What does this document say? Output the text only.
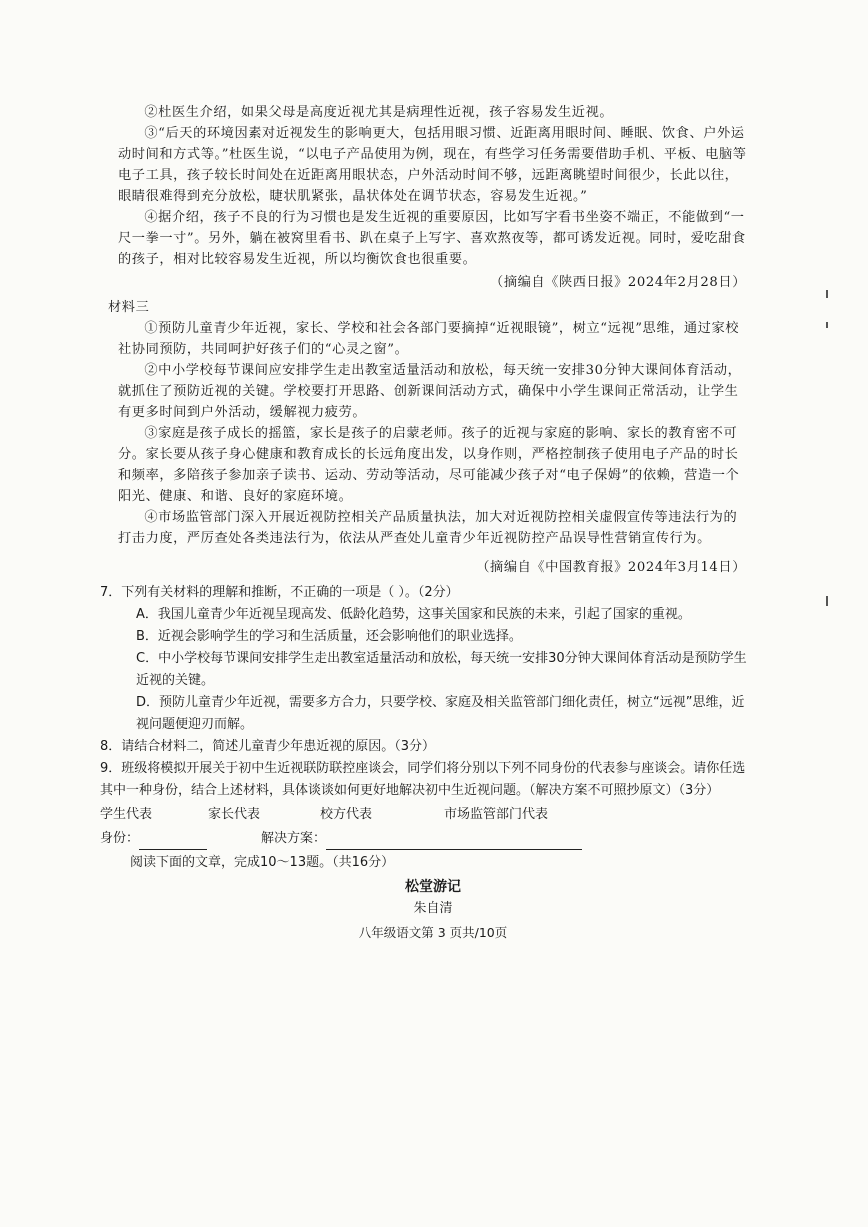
②杜医生介绍，如果父母是高度近视尤其是病理性近视，孩子容易发生近视。

③“后天的环境因素对近视发生的影响更大，包括用眼习惯、近距离用眼时间、睡眠、饮食、户外运动时间和方式等。”杜医生说，“以电子产品使用为例，现在，有些学习任务需要借助手机、平板、电脑等电子工具，孩子较长时间处在近距离用眼状态，户外活动时间不够，远距离眺望时间很少，长此以往，眼睛很难得到充分放松，睫状肌紧张，晶状体处在调节状态，容易发生近视。”

④据介绍，孩子不良的行为习惯也是发生近视的重要原因，比如写字看书坐姿不端正，不能做到“一尺一拳一寸”。另外，躺在被窝里看书、趴在桌子上写字、喜欢熬夜等，都可诱发近视。同时，爱吃甜食的孩子，相对比较容易发生近视，所以均衡饮食也很重要。

（摘编自《陕西日报》2024年2月28日）

材料三

①预防儿童青少年近视，家长、学校和社会各部门要摘掉“近视眼镜”，树立“远视”思维，通过家校社协同预防，共同呵护好孩子们的“心灵之窗”。

②中小学校每节课间应安排学生走出教室适量活动和放松，每天统一安排30分钟大课间体育活动，就抓住了预防近视的关键。学校要打开思路、创新课间活动方式，确保中小学生课间正常活动，让学生有更多时间到户外活动，缓解视力疲劳。

③家庭是孩子成长的摇篮，家长是孩子的启蒙老师。孩子的近视与家庭的影响、家长的教育密不可分。家长要从孩子身心健康和教育成长的长远角度出发，以身作则，严格控制孩子使用电子产品的时长和频率，多陪孩子参加亲子读书、运动、劳动等活动，尽可能减少孩子对“电子保姆”的依赖，营造一个阳光、健康、和谐、良好的家庭环境。

④市场监管部门深入开展近视防控相关产品质量执法，加大对近视防控相关虚假宣传等违法行为的打击力度，严厉查处各类违法行为，依法从严查处儿童青少年近视防控产品误导性营销宣传行为。

（摘编自《中国教育报》2024年3月14日）

7．下列有关材料的理解和推断，不正确的一项是（ ）。（2分）

A．我国儿童青少年近视呈现高发、低龄化趋势，这事关国家和民族的未来，引起了国家的重视。

B．近视会影响学生的学习和生活质量，还会影响他们的职业选择。

C．中小学校每节课间安排学生走出教室适量活动和放松，每天统一安排30分钟大课间体育活动是预防学生近视的关键。

D．预防儿童青少年近视，需要多方合力，只要学校、家庭及相关监管部门细化责任，树立“远视”思维，近视问题便迎刃而解。

8．请结合材料二，简述儿童青少年患近视的原因。（3分）

9．班级将模拟开展关于初中生近视联防联控座谈会，同学们将分别以下列不同身份的代表参与座谈会。请你任选其中一种身份，结合上述材料，具体谈谈如何更好地解决初中生近视问题。（解决方案不可照抄原文）（3分）

学生代表	家长代表	校方代表	市场监管部门代表
身份：	解决方案：

阅读下面的文章，完成10～13题。（共16分）

松堂游记

朱自清

八年级语文第 3 页共/10页
